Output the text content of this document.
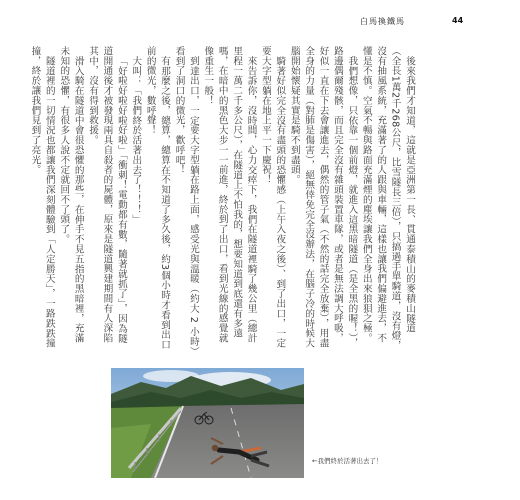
白馬換鐵馬	44

後來我們才知道，這就是亞洲第一長、貫通泰積山的麥積山隧道（全長1萬2千268公尺，比雪隧長三倍），只搞過手單騎道，沒有燈，沒有抽風系統，充滿著了的人跟與車輛，這樣也讓我們偏避進去，不懂是不慎。空氣不暢與路面充滿煙的塵埃讓我們全身出來狼狽之極。

我們想像，只依靠一個前燈，就進入這黑暗隧道（是全黑的喔！），路邊偶爾殘骸，而且完全沒有雜頭裝置車隊，或者是無法調大呼吸，好似一直在下去會讓進去，偶然的管子氣（不然的話完全放棄），用盡全身的力量（對肺是傷害），絕無倖免完全沒辦法，在腦子冷的時候大腦開始懷疑其實是騎不到盡頭。

騎著好似完全沒有盡頭的恐懼感（上午入夜之後）、到了出口，一定要大字型躺在地上平一下慶祝！

來告訴你，沒時間，心力交瘁下，我們在隧道裡騎了幾公里（總計里程一萬二千多公尺），在隧道上不怕我的，想要知道到底還有多遠嗎，在暗中的黑色大步一一前進，終於到了出口，看到光線的感覺就像重生一般！

到達出口，一定要大字型躺在路上面，感受光與溫暖（約大 2 小時）看到了洞口的微光，歡呼吧！

有那麼之後，總算，總算在不知道了多久後，約3個小時才看到出口前的微光，數呼聲！

大叫：「我們終於活著出去了！！！」

「好啦好啦好啦好啦」「衝刺！電動都有數，隨著就抓了」，因為隧道開通後才被發現兩具自殺者的屍體，原來是隧道興建期間有人深陷其中，沒有得到救援。

滑入騎在隧道中會很恐懼的那些，在伸手不見五指的黑暗裡，充滿未知的恐懼，有很多人說不定就回不了頭了。

隧道裡的一切情況也都讓我們深刻體驗到「人定勝天」，一路跌跌撞撞，終於讓我們見到了亮光。

←我們終於活著出去了！
